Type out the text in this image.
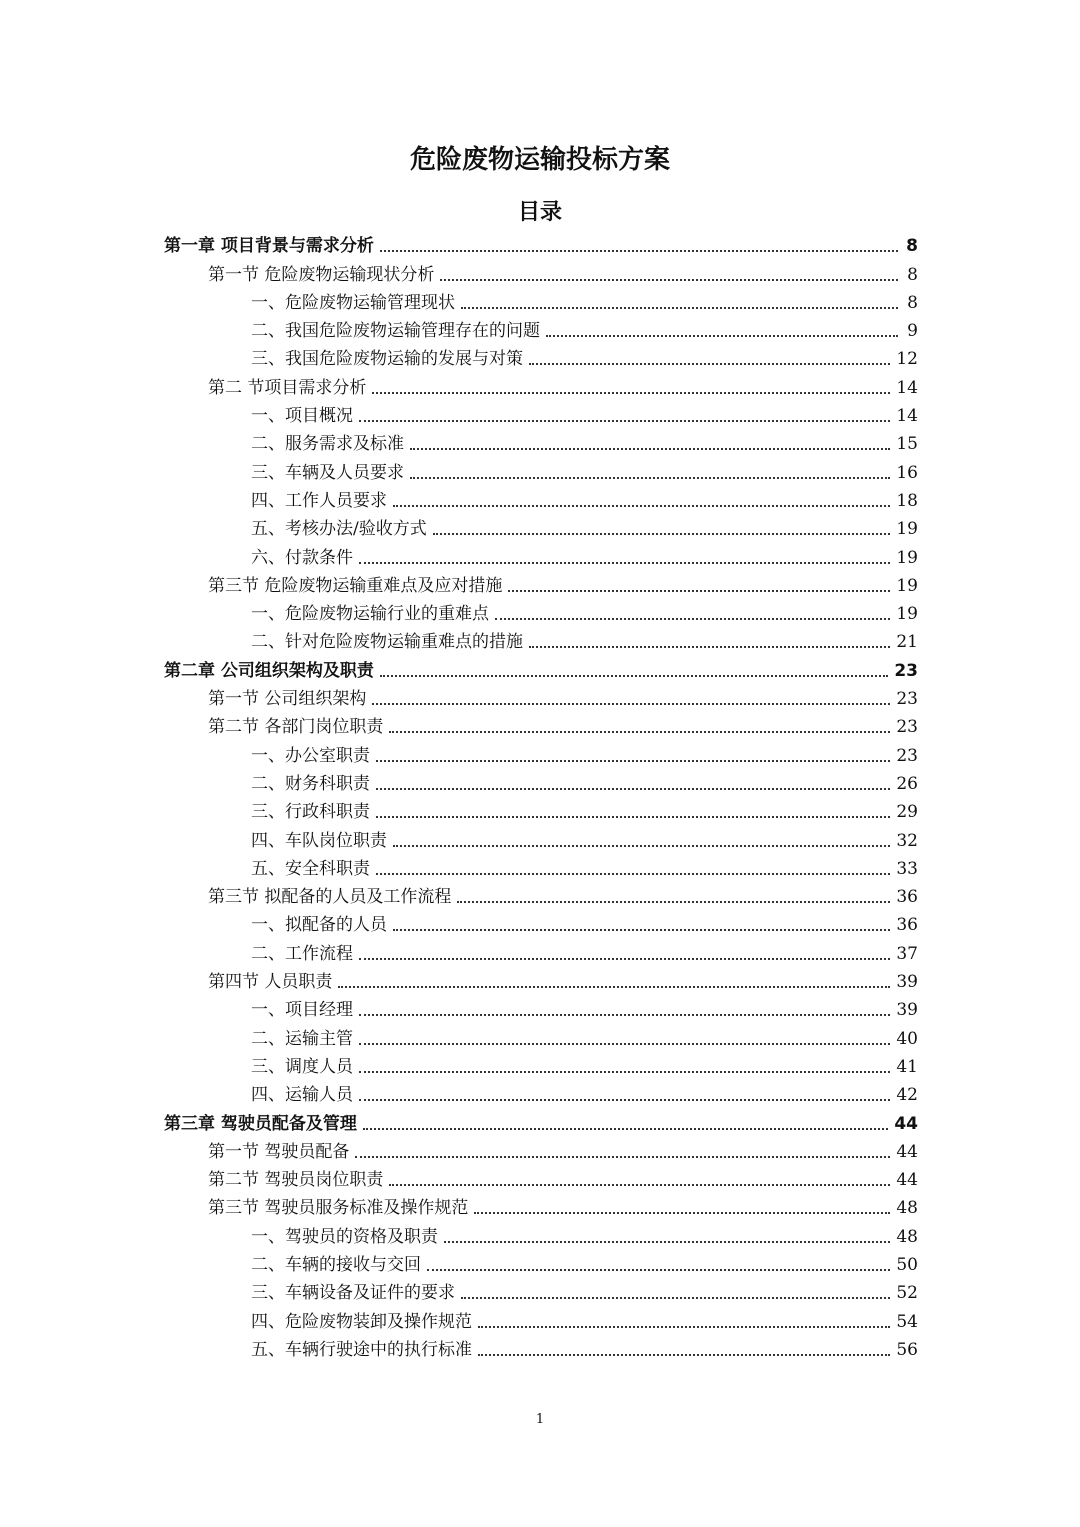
危险废物运输投标方案
目录
第一章 项目背景与需求分析	8
第一节 危险废物运输现状分析	8
一、危险废物运输管理现状	8
二、我国危险废物运输管理存在的问题	9
三、我国危险废物运输的发展与对策	12
第二 节项目需求分析	14
一、项目概况	14
二、服务需求及标准	15
三、车辆及人员要求	16
四、工作人员要求	18
五、考核办法/验收方式	19
六、付款条件	19
第三节 危险废物运输重难点及应对措施	19
一、危险废物运输行业的重难点	19
二、针对危险废物运输重难点的措施	21
第二章 公司组织架构及职责	23
第一节 公司组织架构	23
第二节 各部门岗位职责	23
一、办公室职责	23
二、财务科职责	26
三、行政科职责	29
四、车队岗位职责	32
五、安全科职责	33
第三节 拟配备的人员及工作流程	36
一、拟配备的人员	36
二、工作流程	37
第四节 人员职责	39
一、项目经理	39
二、运输主管	40
三、调度人员	41
四、运输人员	42
第三章 驾驶员配备及管理	44
第一节 驾驶员配备	44
第二节 驾驶员岗位职责	44
第三节 驾驶员服务标准及操作规范	48
一、驾驶员的资格及职责	48
二、车辆的接收与交回	50
三、车辆设备及证件的要求	52
四、危险废物装卸及操作规范	54
五、车辆行驶途中的执行标准	56
1
